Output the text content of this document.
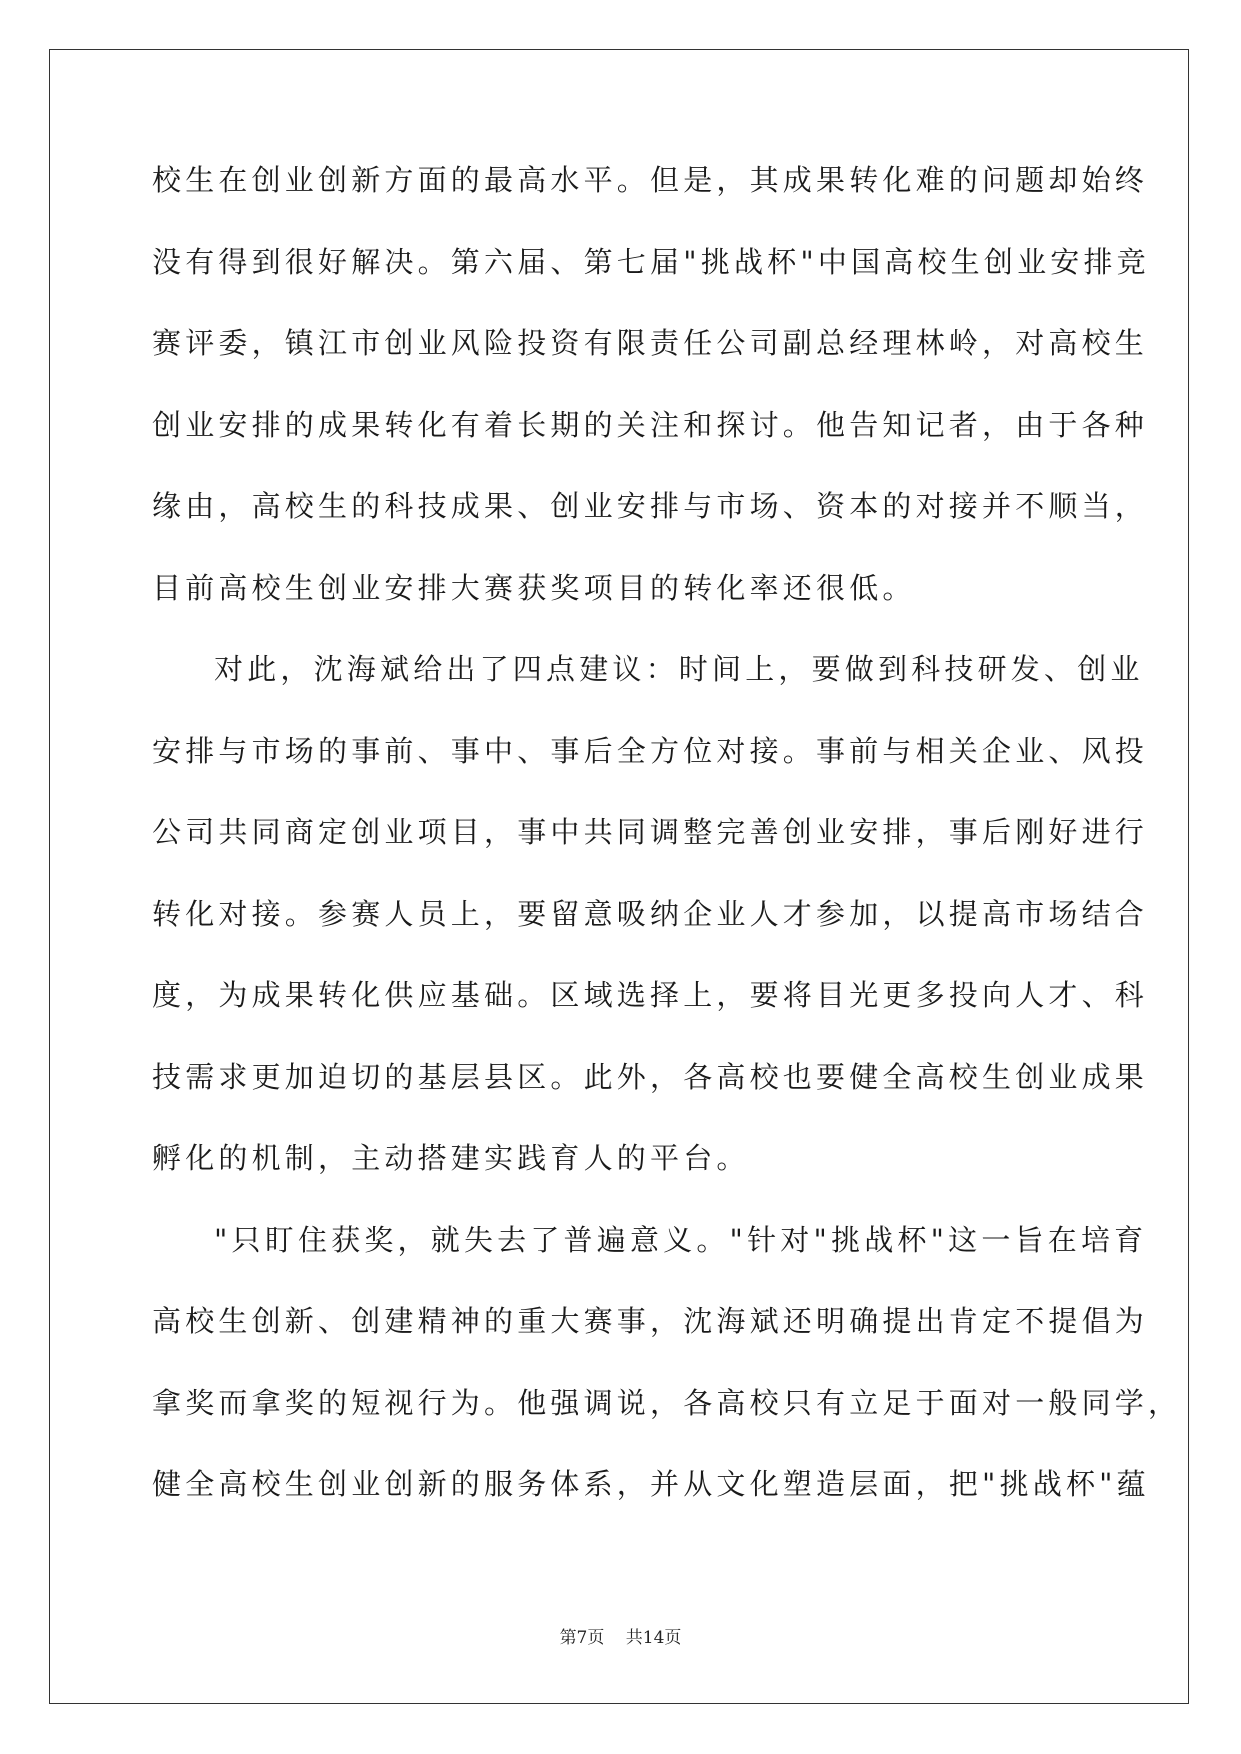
校生在创业创新方面的最高水平。但是，其成果转化难的问题却始终
没有得到很好解决。第六届、第七届"挑战杯"中国高校生创业安排竞
赛评委，镇江市创业风险投资有限责任公司副总经理林岭，对高校生
创业安排的成果转化有着长期的关注和探讨。他告知记者，由于各种
缘由，高校生的科技成果、创业安排与市场、资本的对接并不顺当，
目前高校生创业安排大赛获奖项目的转化率还很低。
对此，沈海斌给出了四点建议：时间上，要做到科技研发、创业
安排与市场的事前、事中、事后全方位对接。事前与相关企业、风投
公司共同商定创业项目，事中共同调整完善创业安排，事后刚好进行
转化对接。参赛人员上，要留意吸纳企业人才参加，以提高市场结合
度，为成果转化供应基础。区域选择上，要将目光更多投向人才、科
技需求更加迫切的基层县区。此外，各高校也要健全高校生创业成果
孵化的机制，主动搭建实践育人的平台。
"只盯住获奖，就失去了普遍意义。"针对"挑战杯"这一旨在培育
高校生创新、创建精神的重大赛事，沈海斌还明确提出肯定不提倡为
拿奖而拿奖的短视行为。他强调说，各高校只有立足于面对一般同学，
健全高校生创业创新的服务体系，并从文化塑造层面，把"挑战杯"蕴
第7页 共14页
